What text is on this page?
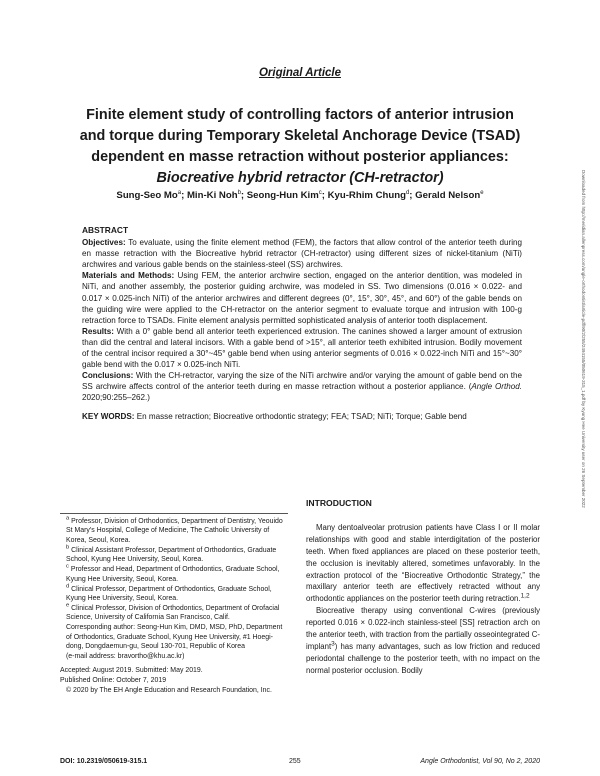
Original Article
Finite element study of controlling factors of anterior intrusion and torque during Temporary Skeletal Anchorage Device (TSAD) dependent en masse retraction without posterior appliances: Biocreative hybrid retractor (CH-retractor)
Sung-Seo Mo$^a$; Min-Ki Noh$^b$; Seong-Hun Kim$^c$; Kyu-Rhim Chung$^d$; Gerald Nelson$^e$

ABSTRACT

Objectives: To evaluate, using the finite element method (FEM), the factors that allow control of the anterior teeth during en masse retraction with the Biocreative hybrid retractor (CH-retractor) using different sizes of nickel-titanium (NiTi) archwires and various gable bends on the stainless-steel (SS) archwires.

Materials and Methods: Using FEM, the anterior archwire section, engaged on the anterior dentition, was modeled in NiTi, and another assembly, the posterior guiding archwire, was modeled in SS. Two dimensions (0.016 × 0.022- and 0.017 × 0.025-inch NiTi) of the anterior archwires and different degrees (0°, 15°, 30°, 45°, and 60°) of the gable bends on the guiding wire were applied to the CH-retractor on the anterior segment to evaluate torque and intrusion with 100-g retraction force to TSADs. Finite element analysis permitted sophisticated analysis of anterior tooth displacement.

Results: With a 0° gable bend all anterior teeth experienced extrusion. The canines showed a larger amount of extrusion than did the central and lateral incisors. With a gable bend of >15°, all anterior teeth exhibited intrusion. Bodily movement of the central incisor required a 30°~45° gable bend when using anterior segments of 0.016 × 0.022-inch NiTi and 15°~30° gable bend with the 0.017 × 0.025-inch NiTi.

Conclusions: With the CH-retractor, varying the size of the NiTi archwire and/or varying the amount of gable bend on the SS archwire affects control of the anterior teeth during en masse retraction without a posterior appliance. (Angle Orthod. 2020;90:255–262.)

KEY WORDS: En masse retraction; Biocreative orthodontic strategy; FEA; TSAD; NiTi; Torque; Gable bend

$^a$ Professor, Division of Orthodontics, Department of Dentistry, Yeouido St Mary's Hospital, College of Medicine, The Catholic University of Korea, Seoul, Korea.

$^b$ Clinical Assistant Professor, Department of Orthodontics, Graduate School, Kyung Hee University, Seoul, Korea.

$^c$ Professor and Head, Department of Orthodontics, Graduate School, Kyung Hee University, Seoul, Korea.

$^d$ Clinical Professor, Department of Orthodontics, Graduate School, Kyung Hee University, Seoul, Korea.

$^e$ Clinical Professor, Division of Orthodontics, Department of Orofacial Science, University of California San Francisco, Calif.

Corresponding author: Seong-Hun Kim, DMD, MSD, PhD, Department of Orthodontics, Graduate School, Kyung Hee University, #1 Hoegi-dong, Dongdaemun-gu, Seoul 130-701, Republic of Korea

(e-mail address: bravortho@khu.ac.kr)

Accepted: August 2019. Submitted: May 2019.

Published Online: October 7, 2019

© 2020 by The EH Angle Education and Research Foundation, Inc.

INTRODUCTION

Many dentoalveolar protrusion patients have Class I or II molar relationships with good and stable interdigitation of the posterior teeth. When fixed appliances are placed on these posterior teeth, the occlusion is inevitably altered, sometimes unfavorably. In the extraction protocol of the “Biocreative Orthodontic Strategy,” the maxillary anterior teeth are effectively retracted without any orthodontic appliances on the posterior teeth during retraction.$^{1,2}$

Biocreative therapy using conventional C-wires (previously reported 0.016 × 0.022-inch stainless-steel [SS] retraction arch on the anterior teeth, with traction from the partially osseointegrated C-implant$^3$) has many advantages, such as low friction and reduced periodontal challenge to the posterior teeth, with no impact on the normal posterior occlusion. Bodily

DOI: 10.2319/050619-315.1	255	Angle Orthodontist, Vol 90, No 2, 2020
Downloaded from http://meridian.allenpress.com/angle-orthodontist/article-pdf/90/2/255/2494155/050619-315_1.pdf by Kyung Hee University user on 26 September 2022
